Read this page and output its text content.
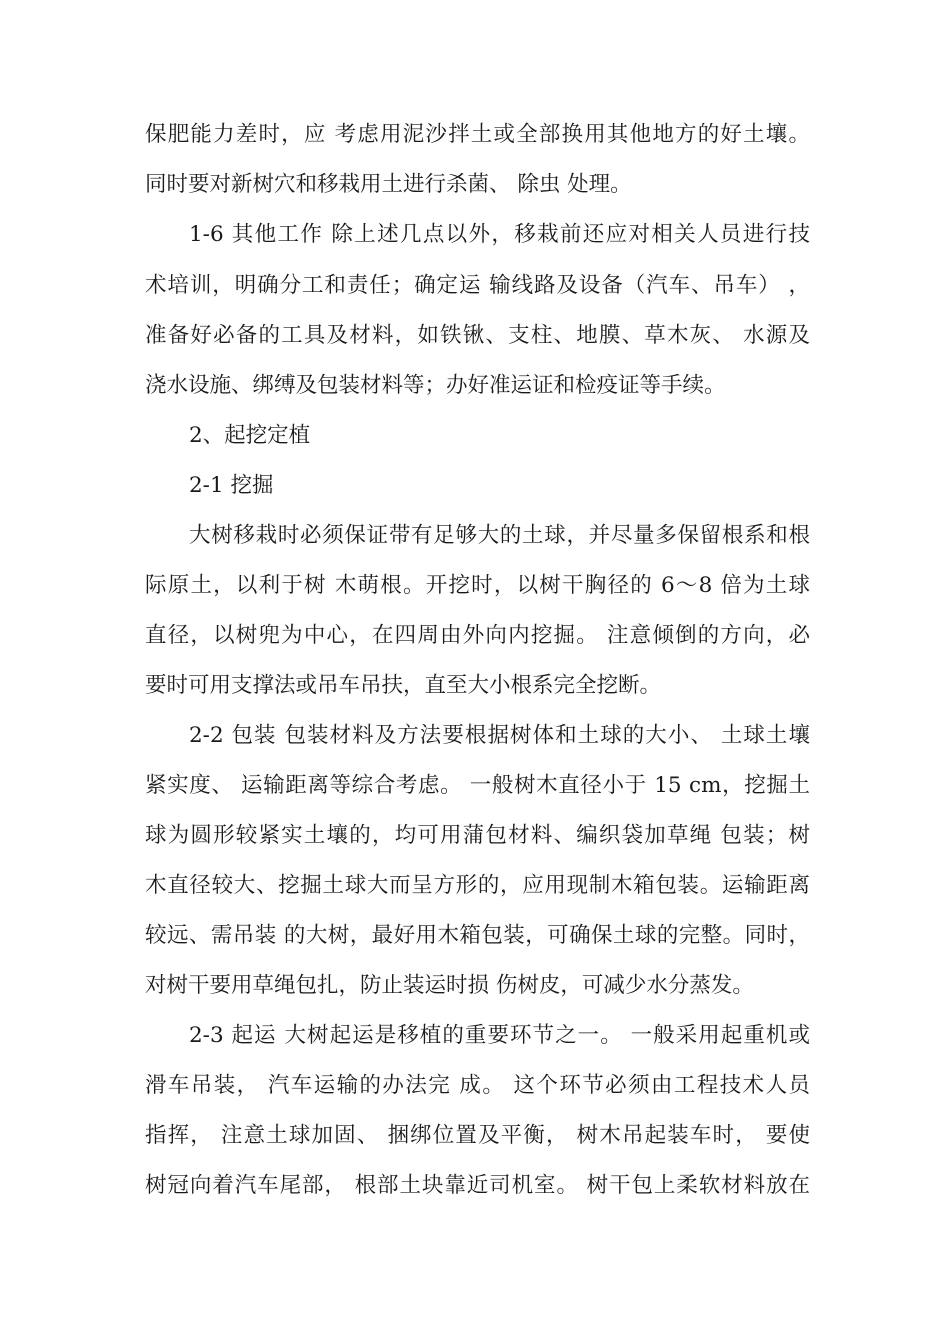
保肥能力差时，应 考虑用泥沙拌土或全部换用其他地方的好土壤。
同时要对新树穴和移栽用土进行杀菌、 除虫 处理。
1-6 其他工作 除上述几点以外，移栽前还应对相关人员进行技
术培训，明确分工和责任；确定运 输线路及设备（汽车、吊车） ，
准备好必备的工具及材料，如铁锹、支柱、地膜、草木灰、 水源及
浇水设施、绑缚及包装材料等；办好准运证和检疫证等手续。
2、起挖定植
2-1 挖掘
大树移栽时必须保证带有足够大的土球，并尽量多保留根系和根
际原土，以利于树 木萌根。开挖时，以树干胸径的 6～8 倍为土球
直径，以树兜为中心，在四周由外向内挖掘。 注意倾倒的方向，必
要时可用支撑法或吊车吊扶，直至大小根系完全挖断。
2-2 包装 包装材料及方法要根据树体和土球的大小、 土球土壤
紧实度、 运输距离等综合考虑。 一般树木直径小于 15 cm，挖掘土
球为圆形较紧实土壤的，均可用蒲包材料、编织袋加草绳 包装；树
木直径较大、挖掘土球大而呈方形的，应用现制木箱包装。运输距离
较远、需吊装 的大树，最好用木箱包装，可确保土球的完整。同时，
对树干要用草绳包扎，防止装运时损 伤树皮，可减少水分蒸发。
2-3 起运 大树起运是移植的重要环节之一。 一般采用起重机或
滑车吊装， 汽车运输的办法完 成。 这个环节必须由工程技术人员
指挥， 注意土球加固、 捆绑位置及平衡， 树木吊起装车时， 要使
树冠向着汽车尾部， 根部土块靠近司机室。 树干包上柔软材料放在
